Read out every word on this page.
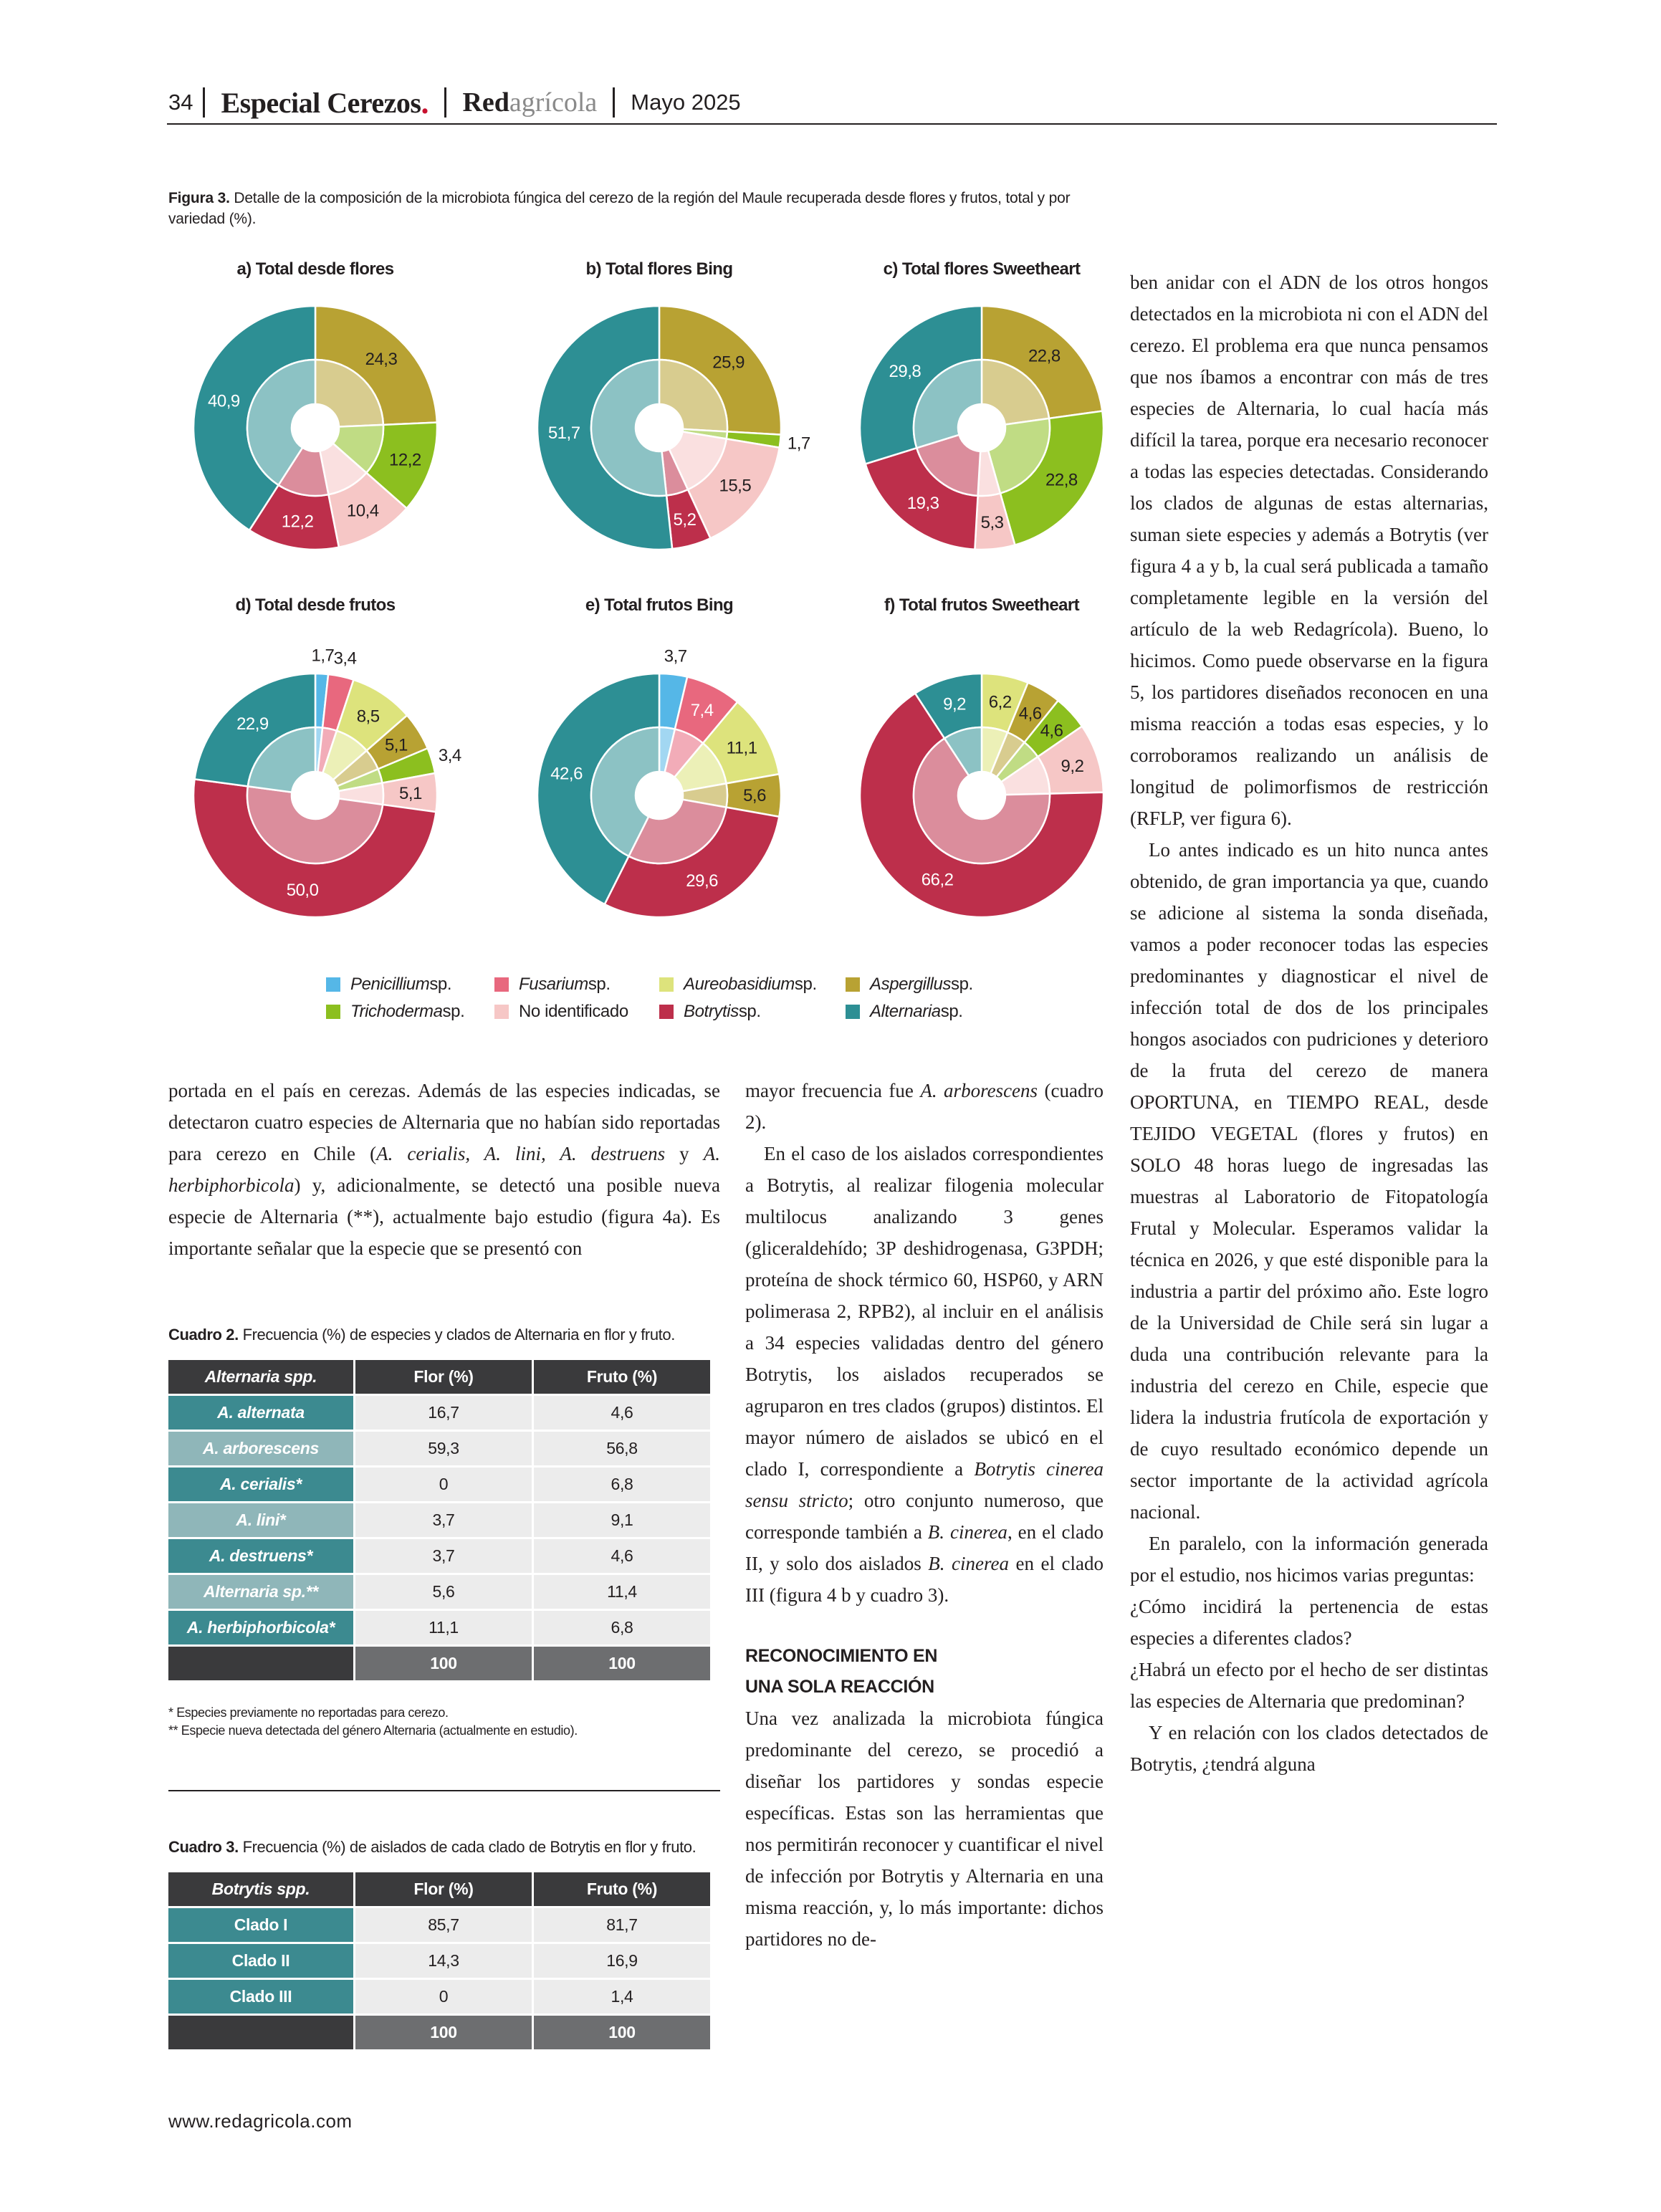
34 Especial Cerezos . Red agrícola Mayo 2025
Figura 3. Detalle de la composición de la microbiota fúngica del cerezo de la región del Maule recuperada desde flores y frutos, total y por variedad (%).
a) Total desde flores
24,3
12,2
10,4
12,2
40,9
b) Total flores Bing
25,9
1,7
15,5
5,2
51,7
c) Total flores Sweetheart
22,8
22,8
5,3
19,3
29,8
d) Total desde frutos
1,7 3,4
8,5
5,1
3,4
5,1
50,0
22,9
e) Total frutos Bing
3,7
7,4
11,1
5,6
29,6
42,6
f) Total frutos Sweetheart
6,2
4,6
4,6
9,2
66,2
9,2
Penicillium sp.	Fusarium sp.	Aureobasidium sp.	Aspergillus sp.
Trichoderma sp.	No identificado	Botrytis sp.	Alternaria sp.

portada en el país en cerezas. Además de las especies indicadas, se detectaron cuatro especies de Alternaria que no habían sido reportadas para cerezo en Chile (A. cerialis, A. lini, A. destruens y A. herbiphorbicola) y, adicionalmente, se detectó una posible nueva especie de Alternaria (**), actualmente bajo estudio (figura 4a). Es importante señalar que la especie que se presentó con

Cuadro 2. Frecuencia (%) de especies y clados de Alternaria en flor y fruto.
Alternaria spp.	Flor (%)	Fruto (%)
A. alternata	16,7	4,6
A. arborescens	59,3	56,8
A. cerialis*	0	6,8
A. lini*	3,7	9,1
A. destruens*	3,7	4,6
Alternaria sp.**	5,6	11,4
A. herbiphorbicola*	11,1	6,8
	100	100
* Especies previamente no reportadas para cerezo.
** Especie nueva detectada del género Alternaria (actualmente en estudio).
Cuadro 3. Frecuencia (%) de aislados de cada clado de Botrytis en flor y fruto.
Botrytis spp.	Flor (%)	Fruto (%)
Clado I	85,7	81,7
Clado II	14,3	16,9
Clado III	0	1,4
	100	100

mayor frecuencia fue A. arborescens (cuadro 2).

En el caso de los aislados correspondientes a Botrytis, al realizar filogenia molecular multilocus analizando 3 genes (gliceraldehído; 3P deshidrogenasa, G3PDH; proteína de shock térmico 60, HSP60, y ARN polimerasa 2, RPB2), al incluir en el análisis a 34 especies validadas dentro del género Botrytis, los aislados recuperados se agruparon en tres clados (grupos) distintos. El mayor número de aislados se ubicó en el clado I, correspondiente a Botrytis cinerea sensu stricto; otro conjunto numeroso, que corresponde también a B. cinerea, en el clado II, y solo dos aislados B. cinerea en el clado III (figura 4 b y cuadro 3).

RECONOCIMIENTO EN
UNA SOLA REACCIÓN

Una vez analizada la microbiota fúngica predominante del cerezo, se procedió a diseñar los partidores y sondas especie específicas. Estas son las herramientas que nos permitirán reconocer y cuantificar el nivel de infección por Botrytis y Alternaria en una misma reacción, y, lo más importante: dichos partidores no de-

ben anidar con el ADN de los otros hongos detectados en la microbiota ni con el ADN del cerezo. El problema era que nunca pensamos que nos íbamos a encontrar con más de tres especies de Alternaria, lo cual hacía más difícil la tarea, porque era necesario reconocer a todas las especies detectadas. Considerando los clados de algunas de estas alternarias, suman siete especies y además a Botrytis (ver figura 4 a y b, la cual será publicada a tamaño completamente legible en la versión del artículo de la web Redagrícola). Bueno, lo hicimos. Como puede observarse en la figura 5, los partidores diseñados reconocen en una misma reacción a todas esas especies, y lo corroboramos realizando un análisis de longitud de polimorfismos de restricción (RFLP, ver figura 6).

Lo antes indicado es un hito nunca antes obtenido, de gran importancia ya que, cuando se adicione al sistema la sonda diseñada, vamos a poder reconocer todas las especies predominantes y diagnosticar el nivel de infección total de dos de los principales hongos asociados con pudriciones y deterioro de la fruta del cerezo de manera OPORTUNA, en TIEMPO REAL, desde TEJIDO VEGETAL (flores y frutos) en SOLO 48 horas luego de ingresadas las muestras al Laboratorio de Fitopatología Frutal y Molecular. Esperamos validar la técnica en 2026, y que esté disponible para la industria a partir del próximo año. Este logro de la Universidad de Chile será sin lugar a duda una contribución relevante para la industria del cerezo en Chile, especie que lidera la industria frutícola de exportación y de cuyo resultado económico depende un sector importante de la actividad agrícola nacional.

En paralelo, con la información generada por el estudio, nos hicimos varias preguntas:

¿Cómo incidirá la pertenencia de estas especies a diferentes clados?

¿Habrá un efecto por el hecho de ser distintas las especies de Alternaria que predominan?

Y en relación con los clados detectados de Botrytis, ¿tendrá alguna

www.redagricola.com
